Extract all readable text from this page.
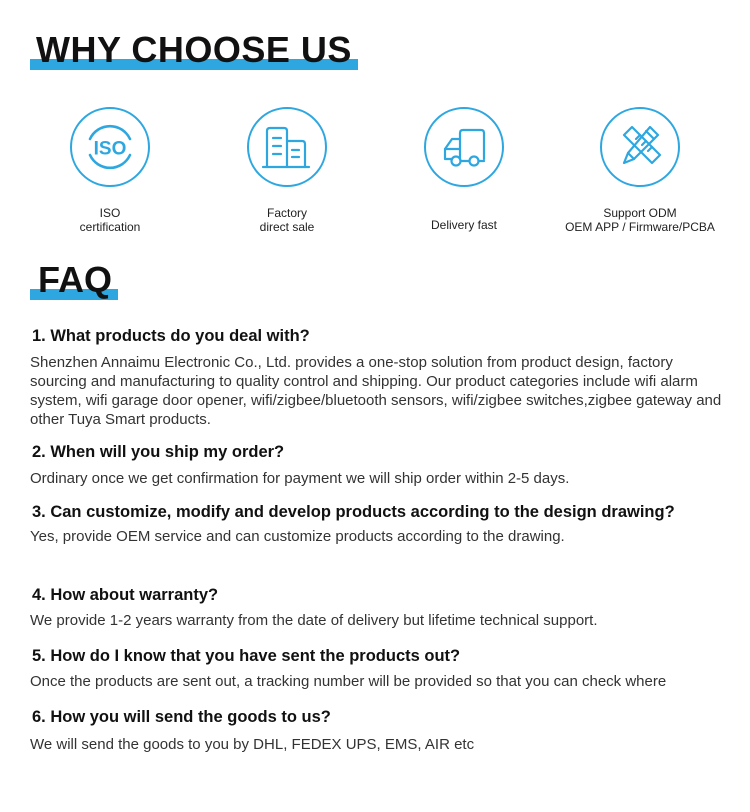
WHY CHOOSE US
ISO
ISO
certification
Factory
direct sale	Delivery fast
Support ODM
OEM APP / Firmware/PCBA
FAQ

1. What products do you deal with?

Shenzhen Annaimu Electronic Co., Ltd. provides a one-stop solution from product design, factory sourcing and manufacturing to quality control and shipping. Our product categories include wifi alarm system, wifi garage door opener, wifi/zigbee/bluetooth sensors, wifi/zigbee switches,zigbee gateway and other Tuya Smart products.

2. When will you ship my order?

Ordinary once we get confirmation for payment we will ship order within 2-5 days.

3. Can customize, modify and develop products according to the design drawing?

Yes, provide OEM service and can customize products according to the drawing.

4. How about warranty?

We provide 1-2 years warranty from the date of delivery but lifetime technical support.

5. How do I know that you have sent the products out?

Once the products are sent out, a tracking number will be provided so that you can check where

6. How you will send the goods to us?

We will send the goods to you by DHL, FEDEX UPS, EMS, AIR etc
